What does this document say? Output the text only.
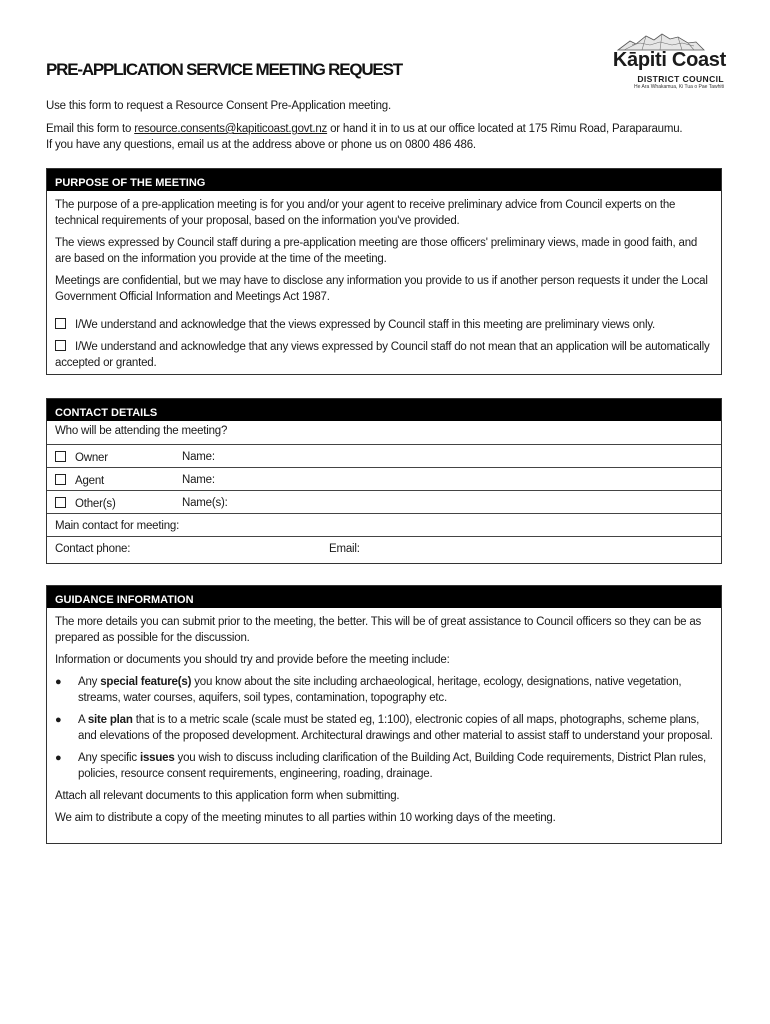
PRE-APPLICATION SERVICE MEETING REQUEST	Kāpiti Coast
DISTRICT COUNCIL
He Ara Whakamua, Ki Tua o Pae Tawhiti
Use this form to request a Resource Consent Pre-Application meeting.
Email this form to resource.consents@kapiticoast.govt.nz or hand it in to us at our office located at 175 Rimu Road, Paraparaumu.
If you have any questions, email us at the address above or phone us on 0800 486 486.
PURPOSE OF THE MEETING

The purpose of a pre-application meeting is for you and/or your agent to receive preliminary advice from Council experts on the technical requirements of your proposal, based on the information you've provided.

The views expressed by Council staff during a pre-application meeting are those officers' preliminary views, made in good faith, and are based on the information you provide at the time of the meeting.

Meetings are confidential, but we may have to disclose any information you provide to us if another person requests it under the Local Government Official Information and Meetings Act 1987.

I/We understand and acknowledge that the views expressed by Council staff in this meeting are preliminary views only.
I/We understand and acknowledge that any views expressed by Council staff do not mean that an application will be automatically accepted or granted.
CONTACT DETAILS
Who will be attending the meeting?
Owner	Name:
Agent	Name:
Other(s)	Name(s):
Main contact for meeting:
Contact phone:	Email:
GUIDANCE INFORMATION

The more details you can submit prior to the meeting, the better. This will be of great assistance to Council officers so they can be as prepared as possible for the discussion.

Information or documents you should try and provide before the meeting include:

● Any special feature(s) you know about the site including archaeological, heritage, ecology, designations, native vegetation, streams, water courses, aquifers, soil types, contamination, topography etc.
● A site plan that is to a metric scale (scale must be stated eg, 1:100), electronic copies of all maps, photographs, scheme plans, and elevations of the proposed development. Architectural drawings and other material to assist staff to understand your proposal.
● Any specific issues you wish to discuss including clarification of the Building Act, Building Code requirements, District Plan rules, policies, resource consent requirements, engineering, roading, drainage.

Attach all relevant documents to this application form when submitting.

We aim to distribute a copy of the meeting minutes to all parties within 10 working days of the meeting.
